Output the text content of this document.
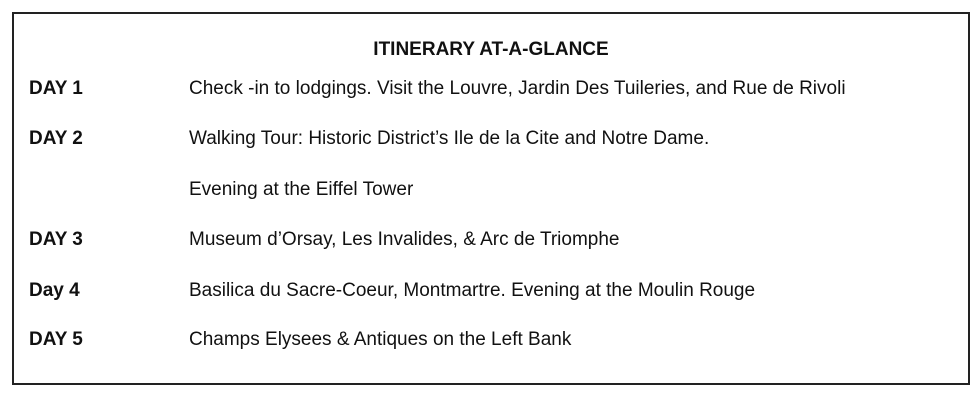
ITINERARY AT-A-GLANCE
DAY 1	Check -in to lodgings. Visit the Louvre, Jardin Des Tuileries, and Rue de Rivoli
DAY 2	Walking Tour: Historic District’s Ile de la Cite and Notre Dame.
Evening at the Eiffel Tower
DAY 3	Museum d’Orsay, Les Invalides, & Arc de Triomphe
Day 4	Basilica du Sacre-Coeur, Montmartre. Evening at the Moulin Rouge
DAY 5	Champs Elysees & Antiques on the Left Bank
